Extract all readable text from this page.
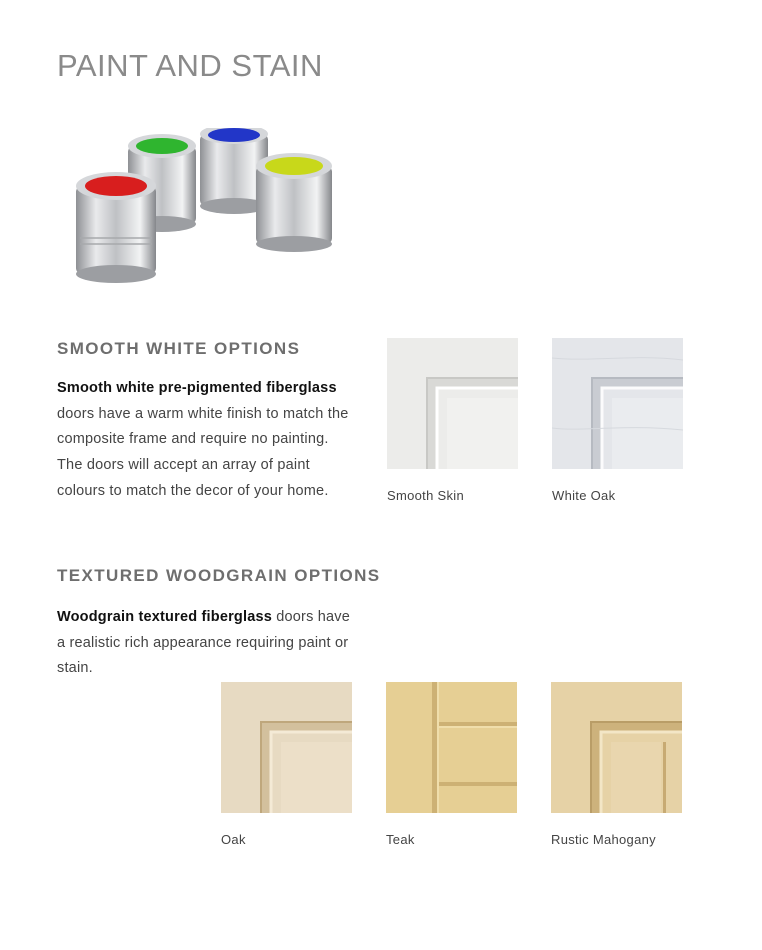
PAINT AND STAIN
SMOOTH WHITE OPTIONS

Smooth white pre-pigmented fiberglass doors have a warm white finish to match the composite frame and require no painting. The doors will accept an array of paint colours to match the decor of your home.	Smooth Skin	White Oak
TEXTURED WOODGRAIN OPTIONS

Woodgrain textured fiberglass doors have a realistic rich appearance requiring paint or stain.

Oak	Teak	Rustic Mahogany
